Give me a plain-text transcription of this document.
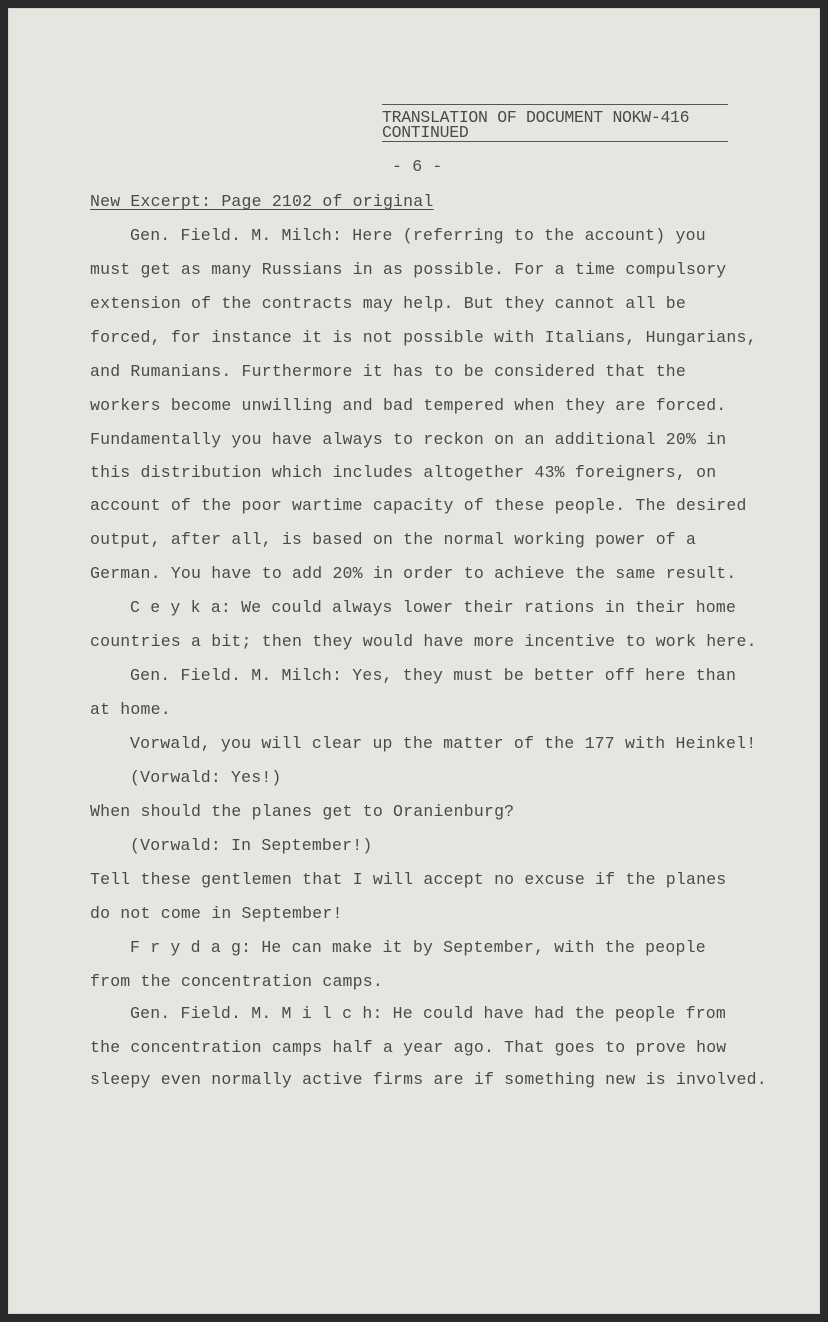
TRANSLATION OF DOCUMENT NOKW-416
CONTINUED
- 6 -
New Excerpt: Page 2102 of original
Gen. Field. M. Milch: Here (referring to the account) you
must get as many Russians in as possible. For a time compulsory
extension of the contracts may help. But they cannot all be
forced, for instance it is not possible with Italians, Hungarians,
and Rumanians. Furthermore it has to be considered that the
workers become unwilling and bad tempered when they are forced.
Fundamentally you have always to reckon on an additional 20% in
this distribution which includes altogether 43% foreigners, on
account of the poor wartime capacity of these people. The desired
output, after all, is based on the normal working power of a
German. You have to add 20% in order to achieve the same result.
C e y k a: We could always lower their rations in their home
countries a bit; then they would have more incentive to work here.
Gen. Field. M. Milch: Yes, they must be better off here than
at home.
Vorwald, you will clear up the matter of the 177 with Heinkel!
(Vorwald: Yes!)
When should the planes get to Oranienburg?
(Vorwald: In September!)
Tell these gentlemen that I will accept no excuse if the planes
do not come in September!
F r y d a g: He can make it by September, with the people
from the concentration camps.
Gen. Field. M. M i l c h: He could have had the people from
the concentration camps half a year ago. That goes to prove how
sleepy even normally active firms are if something new is involved.
